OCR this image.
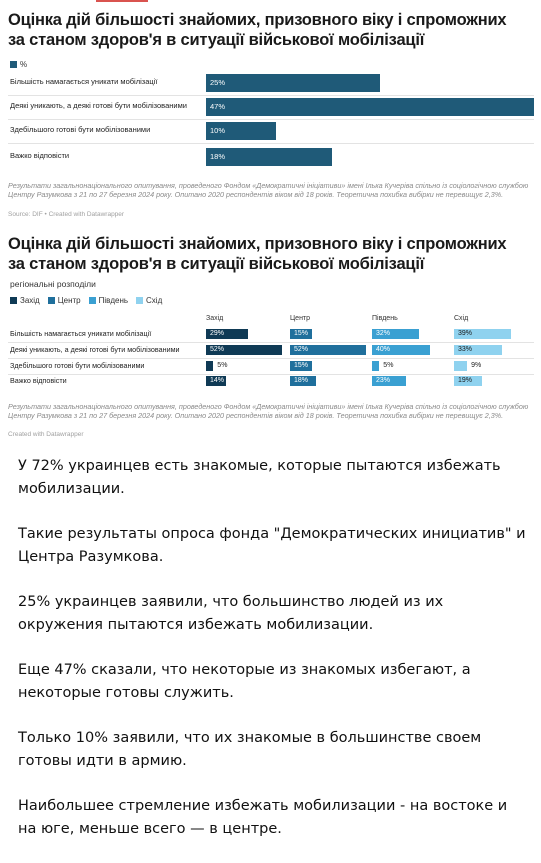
Оцінка дій більшості знайомих, призовного віку і спроможних за станом здоров'я в ситуації військової мобілізації
%
Більшість намагається уникати мобілізації	25%
Деякі уникають, а деякі готові бути мобілізованими	47%
Здебільшого готові бути мобілізованими	10%
Важко відповісти	18%
Результати загальнонаціонального опитування, проведеного Фондом «Демократичні ініціативи» імені Ілька Кучеріва спільно із соціологічною службою Центру Разумкова з 21 по 27 березня 2024 року. Опитано 2020 респондентів віком від 18 років. Теоретична похибка вибірки не перевищує 2,3%.
Source: DIF • Created with Datawrapper
Оцінка дій більшості знайомих, призовного віку і спроможних за станом здоров'я в ситуації військової мобілізації
регіональні розподіли
Захід Центр Південь Схід
Захід	Центр	Південь	Схід
Більшість намагається уникати мобілізації	29%	15%	32%	39%
Деякі уникають, а деякі готові бути мобілізованими	52%	52%	40%	33%
Здебільшого готові бути мобілізованими	5%	15%	5%	9%
Важко відповісти	14%	18%	23%	19%
Результати загальнонаціонального опитування, проведеного Фондом «Демократичні ініціативи» імені Ілька Кучеріва спільно із соціологічною службою Центру Разумкова з 21 по 27 березня 2024 року. Опитано 2020 респондентів віком від 18 років. Теоретична похибка вибірки не перевищує 2,3%.
Created with Datawrapper

У 72% украинцев есть знакомые, которые пытаются избежать мобилизации.

Такие результаты опроса фонда "Демократических инициатив" и Центра Разумкова.

25% украинцев заявили, что большинство людей из их окружения пытаются избежать мобилизации.

Еще 47% сказали, что некоторые из знакомых избегают, а некоторые готовы служить.

Только 10% заявили, что их знакомые в большинстве своем готовы идти в армию.

Наибольшее стремление избежать мобилизации - на востоке и на юге, меньше всего — в центре.
